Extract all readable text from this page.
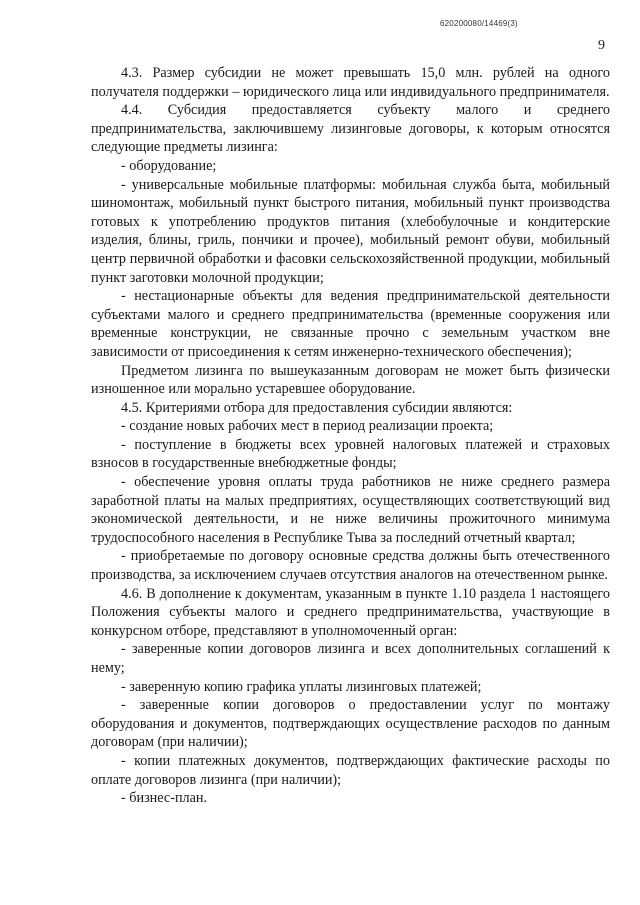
620200080/14469(3)
9

4.3. Размер субсидии не может превышать 15,0 млн. рублей на одного получателя поддержки – юридического лица или индивидуального предпринимателя.

4.4. Субсидия предоставляется субъекту малого и среднего предпринимательства, заключившему лизинговые договоры, к которым относятся следующие предметы лизинга:

- оборудование;

- универсальные мобильные платформы: мобильная служба быта, мобильный шиномонтаж, мобильный пункт быстрого питания, мобильный пункт производства готовых к употреблению продуктов питания (хлебобулочные и кондитерские изделия, блины, гриль, пончики и прочее), мобильный ремонт обуви, мобильный центр первичной обработки и фасовки сельскохозяйственной продукции, мобильный пункт заготовки молочной продукции;

- нестационарные объекты для ведения предпринимательской деятельности субъектами малого и среднего предпринимательства (временные сооружения или временные конструкции, не связанные прочно с земельным участком вне зависимости от присоединения к сетям инженерно-технического обеспечения);

Предметом лизинга по вышеуказанным договорам не может быть физически изношенное или морально устаревшее оборудование.

4.5. Критериями отбора для предоставления субсидии являются:

- создание новых рабочих мест в период реализации проекта;

- поступление в бюджеты всех уровней налоговых платежей и страховых взносов в государственные внебюджетные фонды;

- обеспечение уровня оплаты труда работников не ниже среднего размера заработной платы на малых предприятиях, осуществляющих соответствующий вид экономической деятельности, и не ниже величины прожиточного минимума трудоспособного населения в Республике Тыва за последний отчетный квартал;

- приобретаемые по договору основные средства должны быть отечественного производства, за исключением случаев отсутствия аналогов на отечественном рынке.

4.6. В дополнение к документам, указанным в пункте 1.10 раздела 1 настоящего Положения субъекты малого и среднего предпринимательства, участвующие в конкурсном отборе, представляют в уполномоченный орган:

- заверенные копии договоров лизинга и всех дополнительных соглашений к нему;

- заверенную копию графика уплаты лизинговых платежей;

- заверенные копии договоров о предоставлении услуг по монтажу оборудования и документов, подтверждающих осуществление расходов по данным договорам (при наличии);

- копии платежных документов, подтверждающих фактические расходы по оплате договоров лизинга (при наличии);

- бизнес-план.
